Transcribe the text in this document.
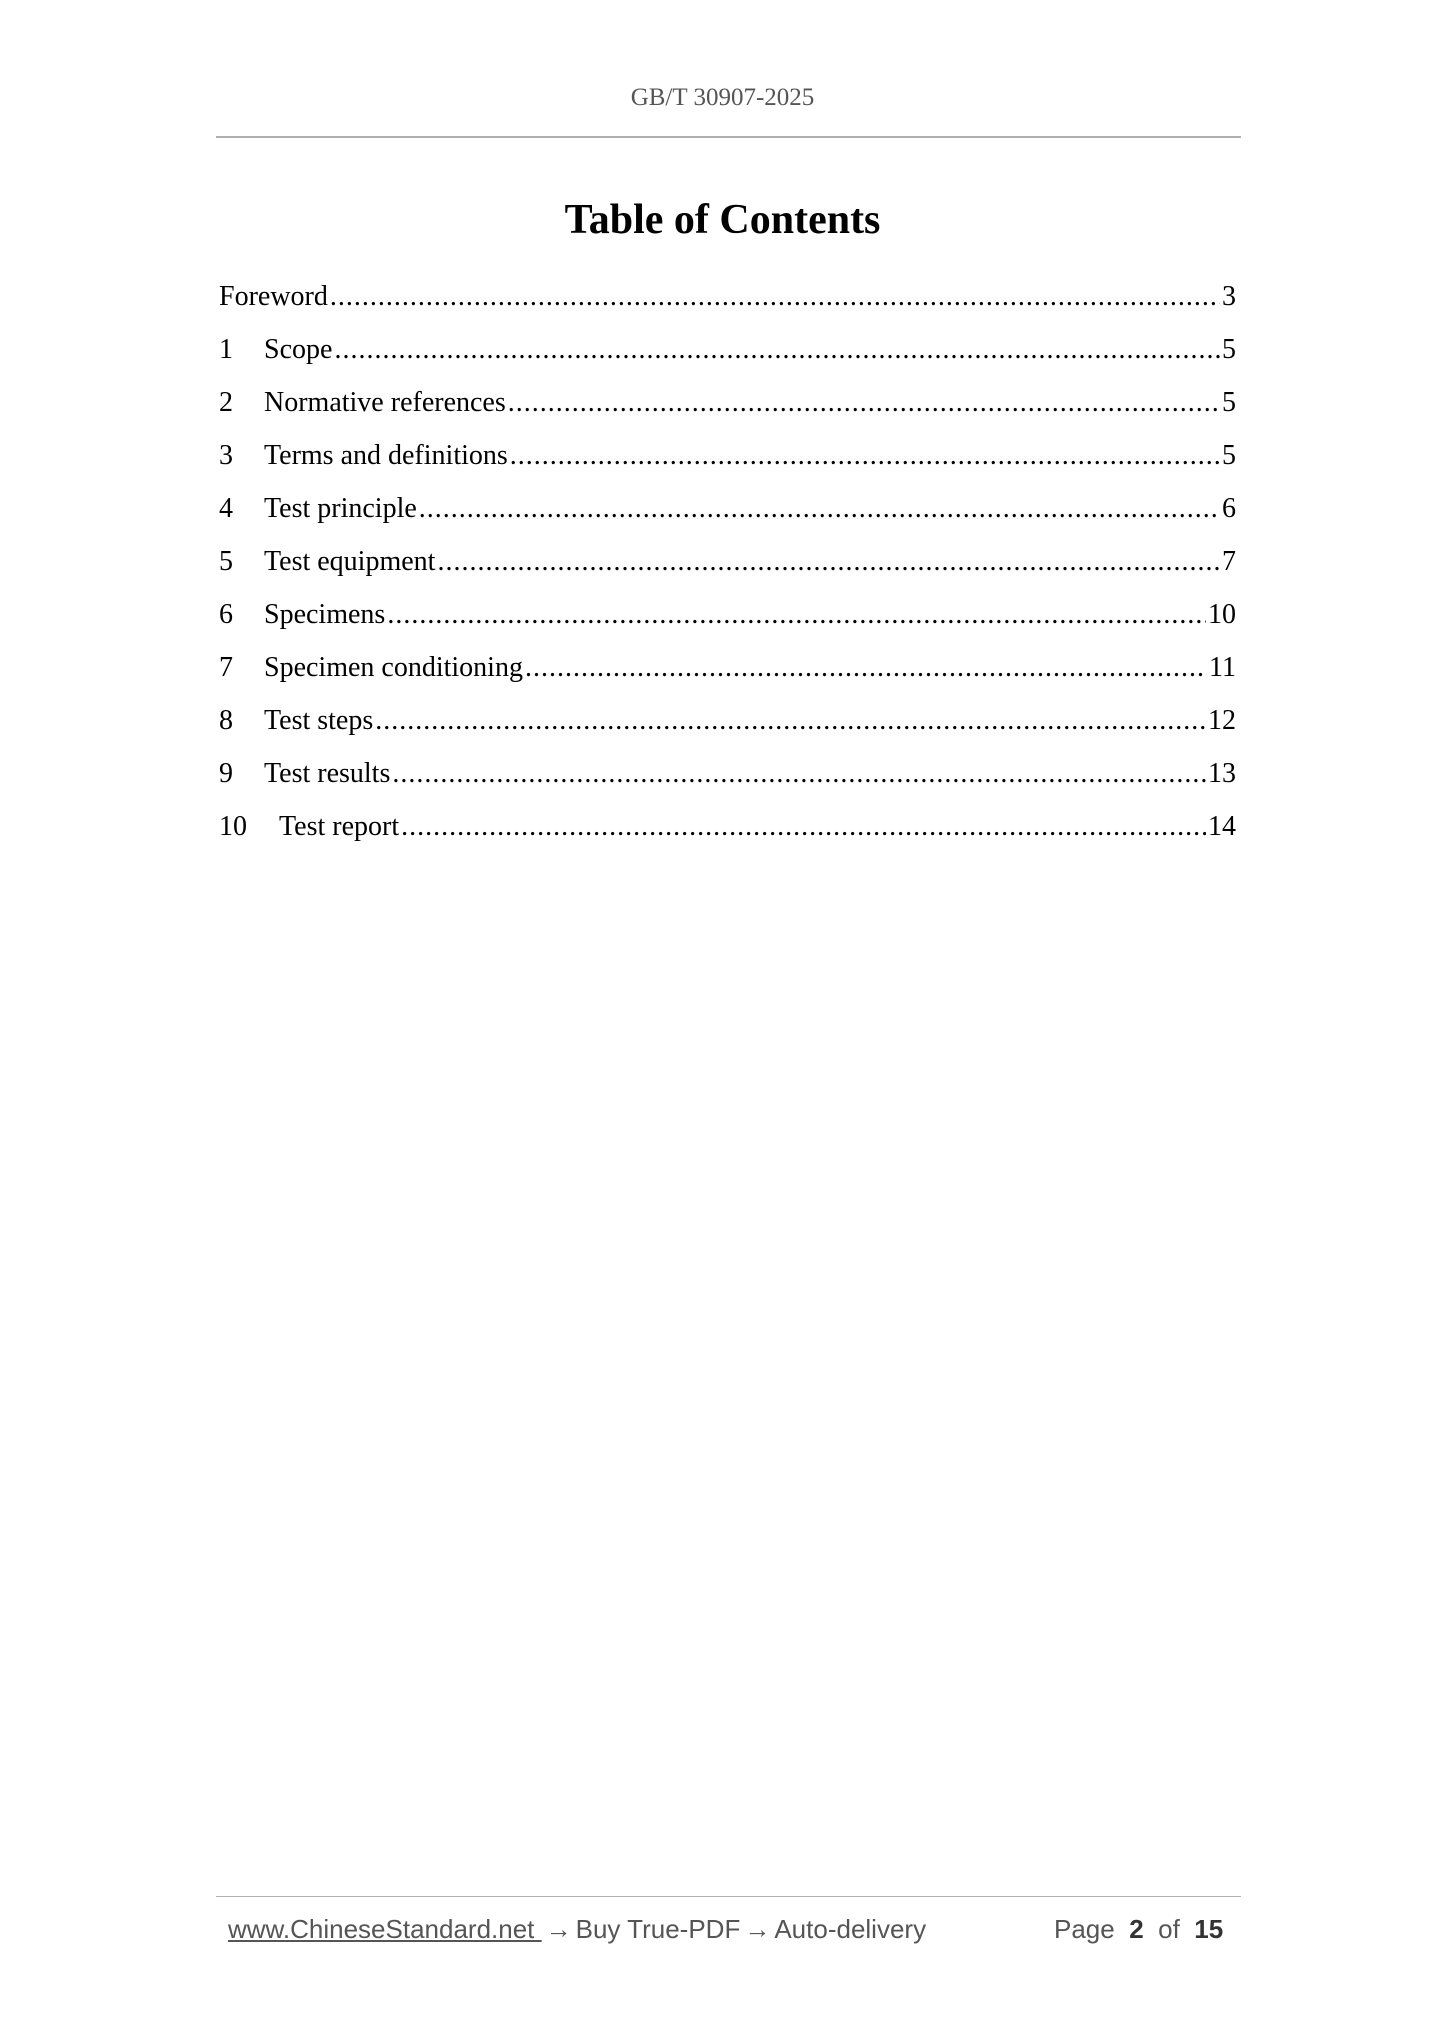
GB/T 30907-2025
Table of Contents
Foreword .....	3
1	Scope .....	5
2	Normative references .....	5
3	Terms and definitions .....	5
4	Test principle .....	6
5	Test equipment .....	7
6	Specimens .....	10
7	Specimen conditioning .....	11
8	Test steps .....	12
9	Test results .....	13
10	Test report .....	14
www.ChineseStandard.net → Buy True-PDF → Auto-delivery	Page 2 of 15
